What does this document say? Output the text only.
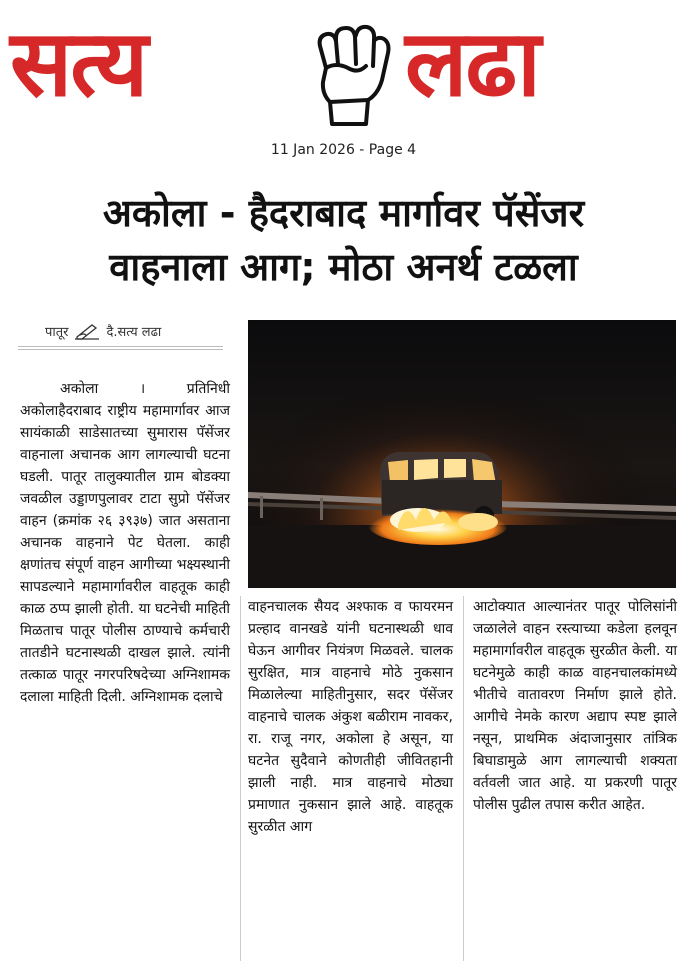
सत्य	लढा
11 Jan 2026 - Page 4
अकोला - हैदराबाद मार्गावर पॅसेंजर
वाहनाला आग; मोठा अनर्थ टळला
पातूर	दै.सत्य लढा

अकोला । प्रतिनिधी अकोलाहैदराबाद राष्ट्रीय महामार्गावर आज सायंकाळी साडेसातच्या सुमारास पॅसेंजर वाहनाला अचानक आग लागल्याची घटना घडली. पातूर तालुक्यातील ग्राम बोडक्या जवळील उड्डाणपुलावर टाटा सुप्रो पॅसेंजर वाहन (क्रमांक २६ ३९३७) जात असताना अचानक वाहनाने पेट घेतला. काही क्षणांतच संपूर्ण वाहन आगीच्या भक्ष्यस्थानी सापडल्याने महामार्गावरील वाहतूक काही काळ ठप्प झाली होती. या घटनेची माहिती मिळताच पातूर पोलीस ठाण्याचे कर्मचारी तातडीने घटनास्थळी दाखल झाले. त्यांनी तत्काळ पातूर नगरपरिषदेच्या अग्निशामक दलाला माहिती दिली. अग्निशामक दलाचे

वाहनचालक सैयद अश्फाक व फायरमन प्रल्हाद वानखडे यांनी घटनास्थळी धाव घेऊन आगीवर नियंत्रण मिळवले. चालक सुरक्षित, मात्र वाहनाचे मोठे नुकसान मिळालेल्या माहितीनुसार, सदर पॅसेंजर वाहनाचे चालक अंकुश बळीराम नावकर, रा. राजू नगर, अकोला हे असून, या घटनेत सुदैवाने कोणतीही जीवितहानी झाली नाही. मात्र वाहनाचे मोठ्या प्रमाणात नुकसान झाले आहे. वाहतूक सुरळीत आग

आटोक्यात आल्यानंतर पातूर पोलिसांनी जळालेले वाहन रस्त्याच्या कडेला हलवून महामार्गावरील वाहतूक सुरळीत केली. या घटनेमुळे काही काळ वाहनचालकांमध्ये भीतीचे वातावरण निर्माण झाले होते. आगीचे नेमके कारण अद्याप स्पष्ट झाले नसून, प्राथमिक अंदाजानुसार तांत्रिक बिघाडामुळे आग लागल्याची शक्यता वर्तवली जात आहे. या प्रकरणी पातूर पोलीस पुढील तपास करीत आहेत.
